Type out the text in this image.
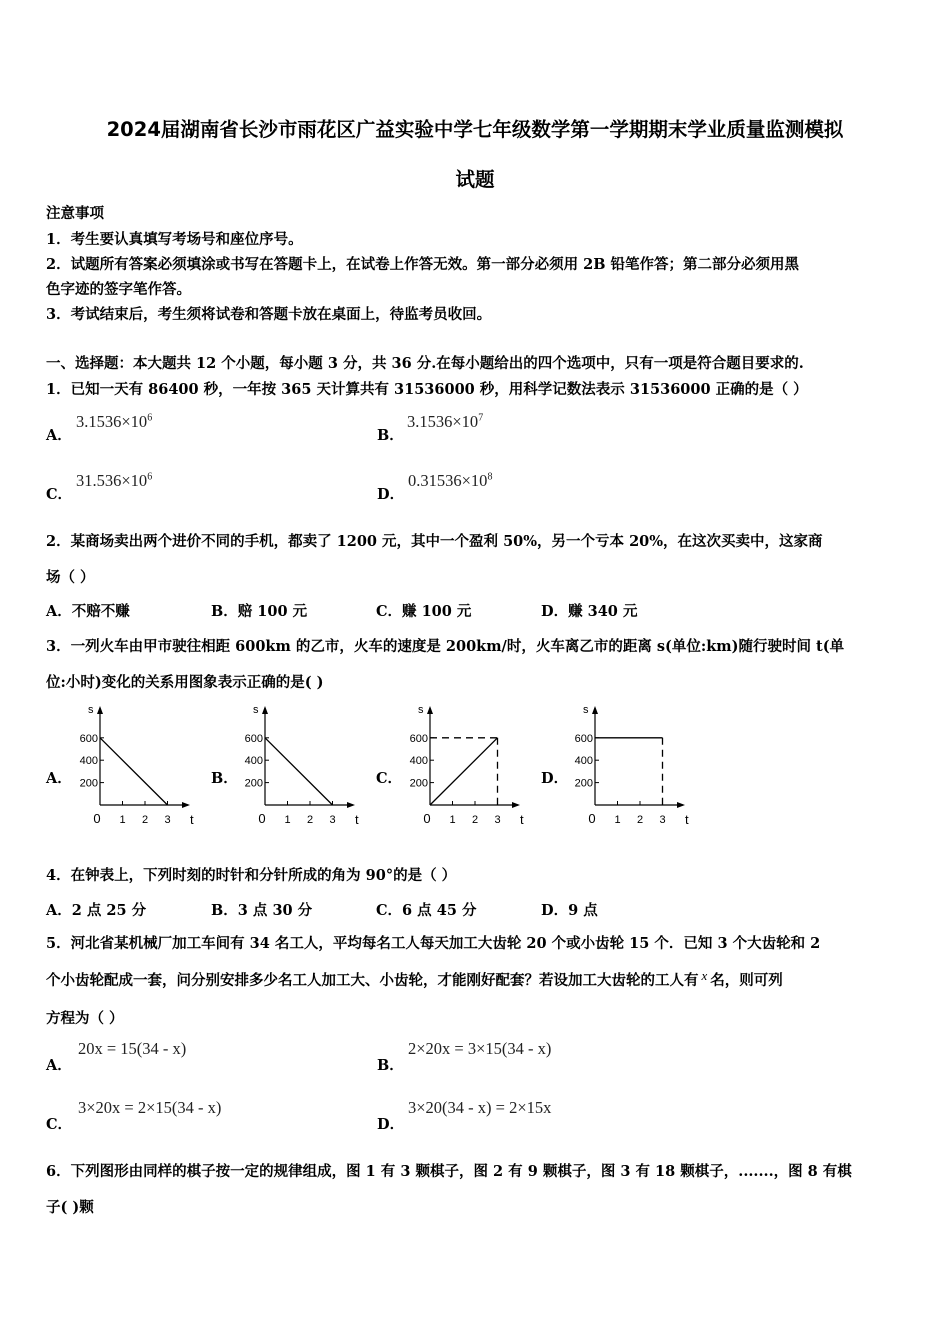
2024届湖南省长沙市雨花区广益实验中学七年级数学第一学期期末学业质量监测模拟
试题
注意事项
1．考生要认真填写考场号和座位序号。
2．试题所有答案必须填涂或书写在答题卡上，在试卷上作答无效。第一部分必须用 2B 铅笔作答；第二部分必须用黑
色字迹的签字笔作答。
3．考试结束后，考生须将试卷和答题卡放在桌面上，待监考员收回。
一、选择题：本大题共 12 个小题，每小题 3 分，共 36 分.在每小题给出的四个选项中，只有一项是符合题目要求的.
1．已知一天有 86400 秒，一年按 365 天计算共有 31536000 秒，用科学记数法表示 31536000 正确的是（ ）
A．
$3.1536\times 10^6$
B．
$3.1536\times 10^7$
C．
$31.536\times 10^6$
D．
$0.31536\times 10^8$
2．某商场卖出两个进价不同的手机，都卖了 1200 元，其中一个盈利 50%，另一个亏本 20%，在这次买卖中，这家商
场（ ）
A．不赔不赚	B．赔 100 元	C．赚 100 元	D．赚 340 元
3．一列火车由甲市驶往相距 600km 的乙市，火车的速度是 200km/时，火车离乙市的距离 s(单位:km)随行驶时间 t(单
位:小时)变化的关系用图象表示正确的是( )
A．	B．	C．	D．
s
t
600
400
200
0 1 2 3
s
t
600
400
200
0 1 2 3
s
t
600
400
200
0 1 2 3
s
t
600
400
200
0 1 2 3
4．在钟表上，下列时刻的时针和分针所成的角为 90°的是（ ）
A．2 点 25 分	B．3 点 30 分	C．6 点 45 分	D．9 点
5．河北省某机械厂加工车间有 34 名工人，平均每名工人每天加工大齿轮 20 个或小齿轮 15 个．已知 3 个大齿轮和 2
个小齿轮配成一套，问分别安排多少名工人加工大、小齿轮，才能刚好配套？若设加工大齿轮的工人有 x 名，则可列
方程为（ ）
A．
20x = 15(34 - x)
B．
2×20x = 3×15(34 - x)
C．
3×20x = 2×15(34 - x)
D．
3×20(34 - x) = 2×15x
6．下列图形由同样的棋子按一定的规律组成，图 1 有 3 颗棋子，图 2 有 9 颗棋子，图 3 有 18 颗棋子，.......，图 8 有棋
子( )颗
